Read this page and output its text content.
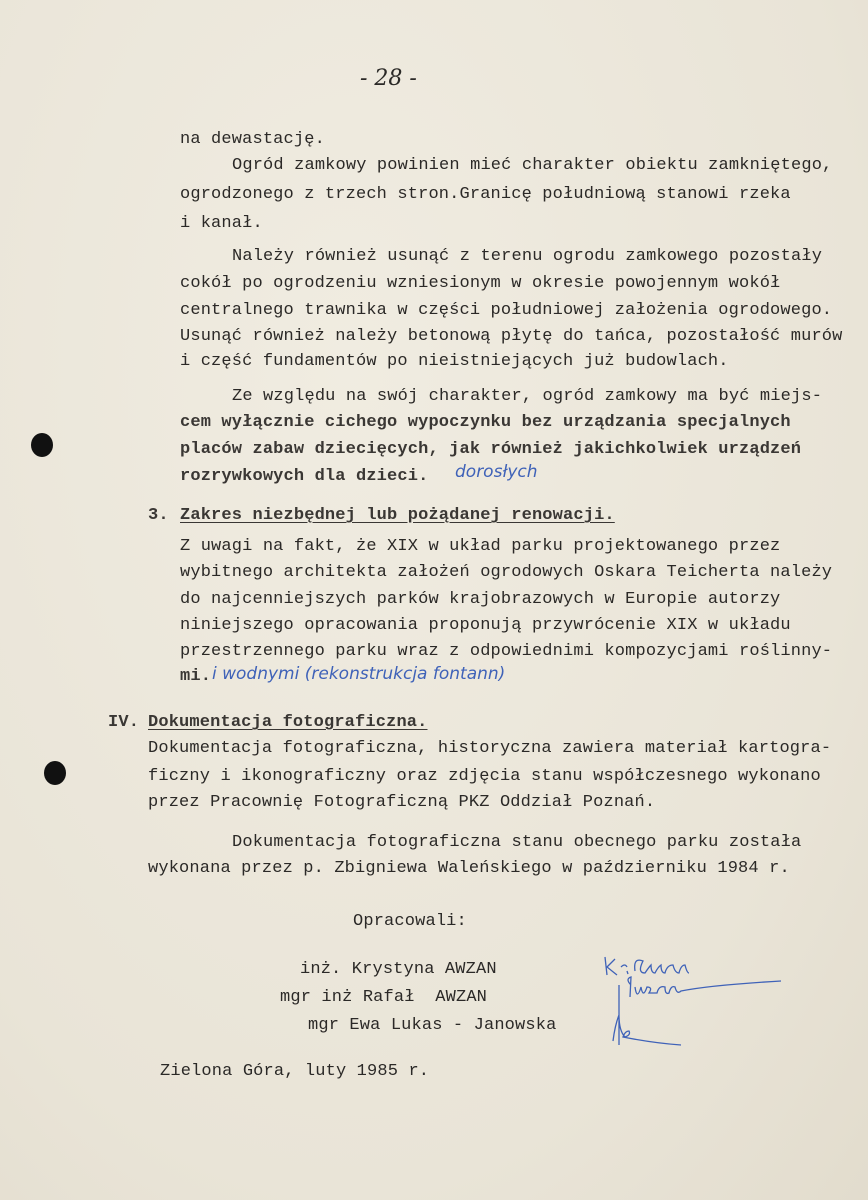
- 28 -
na dewastację.
Ogród zamkowy powinien mieć charakter obiektu zamkniętego,
ogrodzonego z trzech stron.Granicę południową stanowi rzeka
i kanał.
Należy również usunąć z terenu ogrodu zamkowego pozostały
cokół po ogrodzeniu wzniesionym w okresie powojennym wokół
centralnego trawnika w części południowej założenia ogrodowego.
Usunąć również należy betonową płytę do tańca, pozostałość murów
i część fundamentów po nieistniejących już budowlach.
Ze względu na swój charakter, ogród zamkowy ma być miejs-
cem wyłącznie cichego wypoczynku bez urządzania specjalnych
placów zabaw dziecięcych, jak również jakichkolwiek urządzeń
rozrywkowych dla dzieci. dorosłych
3. Zakres niezbędnej lub pożądanej renowacji.
Z uwagi na fakt, że XIX w układ parku projektowanego przez
wybitnego architekta założeń ogrodowych Oskara Teicherta należy
do najcenniejszych parków krajobrazowych w Europie autorzy
niniejszego opracowania proponują przywrócenie XIX w układu
przestrzennego parku wraz z odpowiednimi kompozycjami roślinny-
mi. i wodnymi (rekonstrukcja fontann)
IV. Dokumentacja fotograficzna.
Dokumentacja fotograficzna, historyczna zawiera materiał kartogra-
ficzny i ikonograficzny oraz zdjęcia stanu współczesnego wykonano
przez Pracownię Fotograficzną PKZ Oddział Poznań.
Dokumentacja fotograficzna stanu obecnego parku została
wykonana przez p. Zbigniewa Waleńskiego w październiku 1984 r.
Opracowali:
inż. Krystyna AWZAN
mgr inż Rafał  AWZAN
mgr Ewa Lukas - Janowska
Zielona Góra, luty 1985 r.
